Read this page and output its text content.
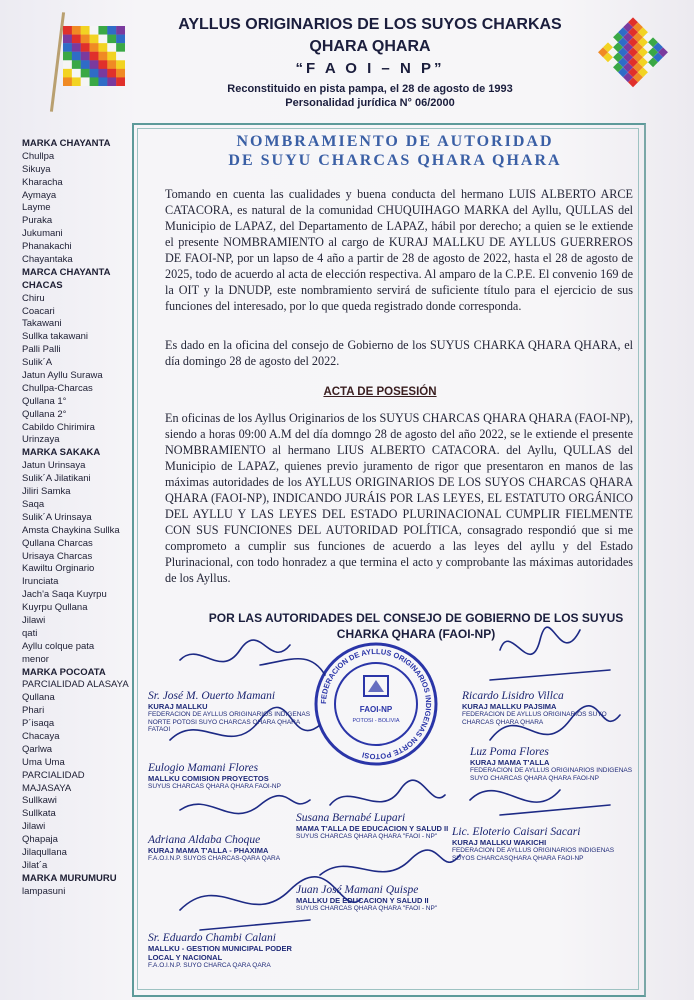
AYLLUS ORIGINARIOS DE LOS SUYOS CHARKAS
QHARA QHARA
“F A O I – N P”
Reconstituido en pista pampa, el 28 de agosto de 1993
Personalidad jurídica N° 06/2000
MARKA CHAYANTA
Chullpa
Sikuya
Kharacha
Aymaya
Layme
Puraka
Jukumani
Phanakachi
Chayantaka
MARCA CHAYANTA
CHACAS
Chiru
Coacari
Takawani
Sullka takawani
Palli Palli
Sulik´A
Jatun Ayllu Surawa
Chullpa-Charcas
Qullana 1°
Qullana 2°
Cabildo Chirimira
Urinzaya
MARKA SAKAKA
Jatun Urinsaya
Sulik´A Jilatikani
Jiliri Samka
Saqa
Sulik´A Urinsaya
Amsta Chaykina Sullka
Qullana Charcas
Urisaya Charcas
Kawiltu Orginario
Irunciata
Jach'a Saqa Kuyrpu
Kuyrpu Qullana
Jilawi
qati
Ayllu colque pata
menor
MARKA POCOATA
PARCIALIDAD ALASAYA
Qullana
Phari
P´isaqa
Chacaya
Qarlwa
Uma Uma
PARCIALIDAD
MAJASAYA
Sullkawi
Sullkata
Jilawi
Qhapaja
Jilaqullana
Jilat´a
MARKA MURUMURU
lampasuni
NOMBRAMIENTO DE AUTORIDAD
DE SUYU CHARCAS QHARA QHARA
Tomando en cuenta las cualidades y buena conducta del hermano LUIS ALBERTO ARCE CATACORA, es natural de la comunidad CHUQUIHAGO MARKA del Ayllu, QULLAS del Municipio de LAPAZ, del Departamento de LAPAZ, hábil por derecho; a quien se le extiende el presente NOMBRAMIENTO al cargo de KURAJ MALLKU DE AYLLUS GUERREROS DE FAOI-NP, por un lapso de 4 año a partir de 28 de agosto de 2022, hasta el 28 de agosto de 2025, todo de acuerdo al acta de elección respectiva. Al amparo de la C.P.E. El convenio 169 de la OIT y la DNUDP, este nombramiento servirá de suficiente título para el ejercicio de sus funciones del interesado, por lo que queda registrado donde corresponda.
Es dado en la oficina del consejo de Gobierno de los SUYUS CHARKA QHARA QHARA, el día domingo 28 de agosto del 2022.
ACTA DE POSESIÓN
En oficinas de los Ayllus Originarios de los SUYUS CHARCAS QHARA QHARA (FAOI-NP), siendo a horas 09:00 A.M del día domngo 28 de agosto del año 2022, se le extiende el presente NOMBRAMIENTO al hermano LIUS ALBERTO CATACORA. del Ayllu, QULLAS del Municipio de LAPAZ, quienes previo juramento de rigor que presentaron en manos de las máximas autoridades de los AYLLUS ORIGINARIOS DE LOS SUYOS CHARCAS QHARA QHARA (FAOI-NP), INDICANDO JURÁIS POR LAS LEYES, EL ESTATUTO ORGÁNICO DEL AYLLU Y LAS LEYES DEL ESTADO PLURINACIONAL CUMPLIR FIELMENTE CON SUS FUNCIONES DEL AUTORIDAD POLÍTICA, consagrado respondió que si me comprometo a cumplir sus funciones de acuerdo a las leyes del ayllu y del Estado Plurinacional, con todo honradez a que termina el acto y comprobante las máximas autoridades de los Ayllus.
POR LAS AUTORIDADES DEL CONSEJO DE GOBIERNO DE LOS SUYUS
CHARKA QHARA (FAOI-NP)
FEDERACION DE AYLLUS ORIGINARIOS INDIGENAS NORTE POTOSI
FAOI-NP
POTOSI - BOLIVIA
Sr. José M. Ouerto Mamani
KURAJ MALLKU
FEDERACION DE AYLLUS ORIGINARIOS INDIGENAS NORTE POTOSI SUYO CHARCAS QHARA QHARA FATAOI
Ricardo Lisidro Villca
KURAJ MALLKU PAJSIMA
FEDERACION DE AYLLUS ORIGINARIOS SUYO CHARCAS QHARA QHARA
Eulogio Mamani Flores
MALLKU COMISION PROYECTOS
SUYUS CHARCAS QHARA QHARA FAOI-NP
Luz Poma Flores
KURAJ MAMA T'ALLA
FEDERACION DE AYLLUS ORIGINARIOS INDIGENAS SUYO CHARCAS QHARA QHARA FAOI-NP
Adriana Aldaba Choque
KURAJ MAMA T'ALLA - PHAXIMA
F.A.O.I.N.P. SUYOS CHARCAS-QARA QARA
Susana Bernabé Lupari
MAMA T'ALLA DE EDUCACION Y SALUD II
SUYUS CHARCAS QHARA QHARA "FAOI - NP"	Lic. Eloterio Caisari Sacari
KURAJ MALLKU WAKICHI
FEDERACION DE AYLLUS ORIGINARIOS INDIGENAS SUYOS CHARCASQHARA QHARA FAOI-NP
Juan José Mamani Quispe
MALLKU DE EDUCACION Y SALUD II
SUYUS CHARCAS QHARA QHARA "FAOI - NP"
Sr. Eduardo Chambi Calani
MALLKU - GESTION MUNICIPAL PODER LOCAL Y NACIONAL
F.A.O.I.N.P. SUYO CHARCA QARA QARA
